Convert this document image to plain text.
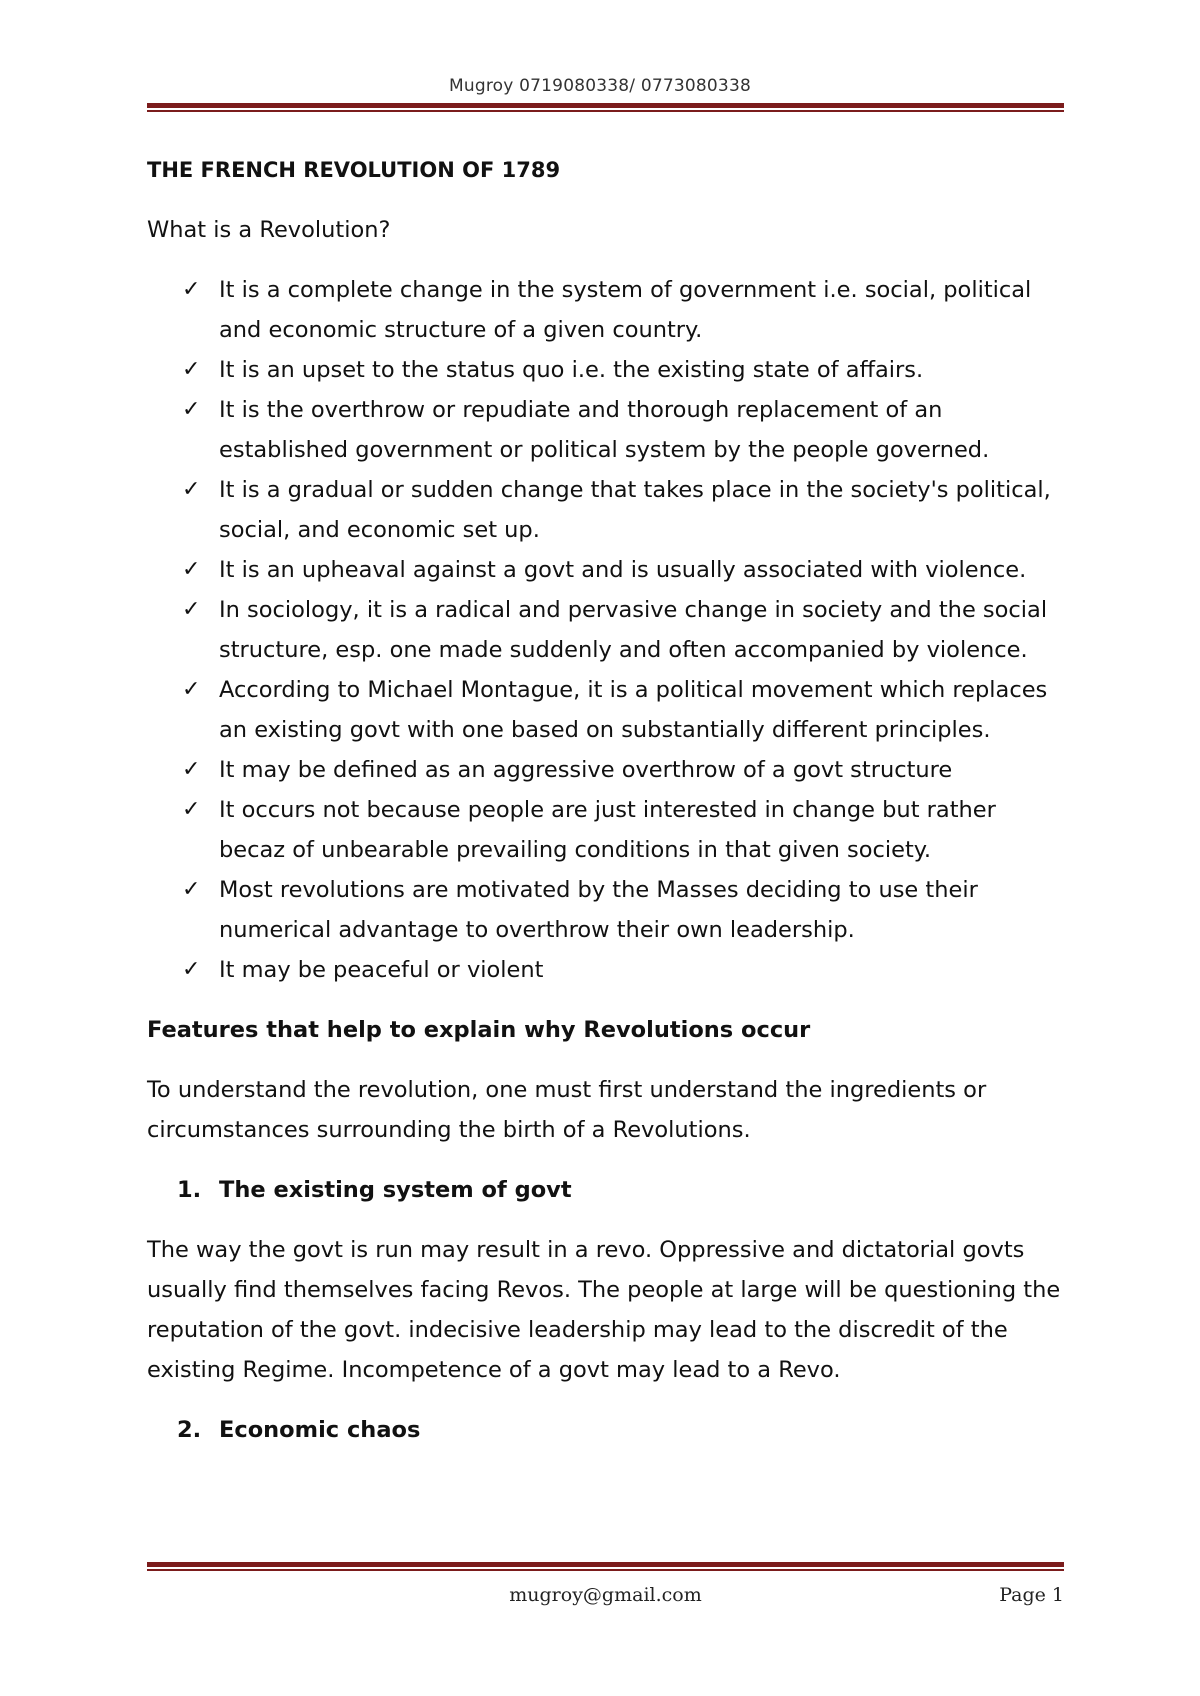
Mugroy 0719080338/ 0773080338

THE FRENCH REVOLUTION OF 1789

What is a Revolution?

✓ It is a complete change in the system of government i.e. social, political and economic structure of a given country.
✓ It is an upset to the status quo i.e. the existing state of affairs.
✓ It is the overthrow or repudiate and thorough replacement of an established government or political system by the people governed.
✓ It is a gradual or sudden change that takes place in the society's political, social, and economic set up.
✓ It is an upheaval against a govt and is usually associated with violence.
✓ In sociology, it is a radical and pervasive change in society and the social structure, esp. one made suddenly and often accompanied by violence.
✓ According to Michael Montague, it is a political movement which replaces an existing govt with one based on substantially different principles.
✓ It may be defined as an aggressive overthrow of a govt structure
✓ It occurs not because people are just interested in change but rather becaz of unbearable prevailing conditions in that given society.
✓ Most revolutions are motivated by the Masses deciding to use their numerical advantage to overthrow their own leadership.
✓ It may be peaceful or violent

Features that help to explain why Revolutions occur

To understand the revolution, one must first understand the ingredients or circumstances surrounding the birth of a Revolutions.

1. The existing system of govt

The way the govt is run may result in a revo. Oppressive and dictatorial govts usually find themselves facing Revos. The people at large will be questioning the reputation of the govt. indecisive leadership may lead to the discredit of the existing Regime. Incompetence of a govt may lead to a Revo.

2. Economic chaos

mugroy@gmail.com	Page 1
